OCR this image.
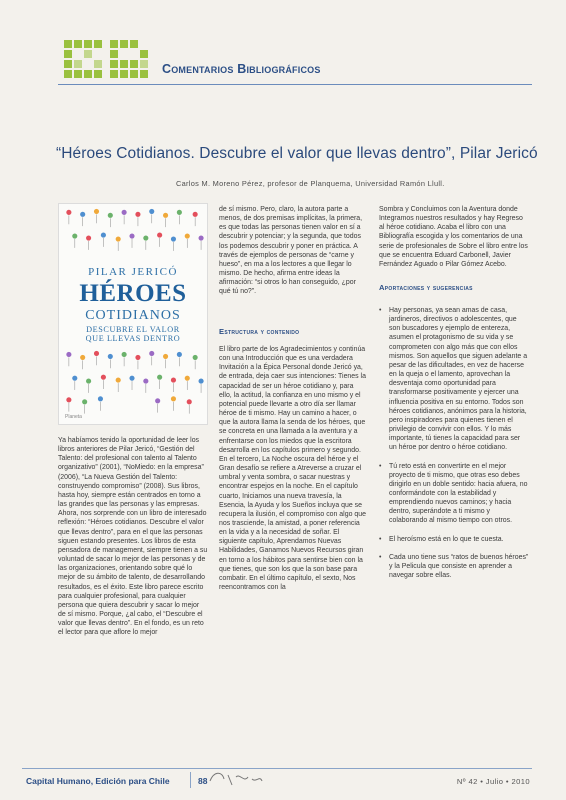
Comentarios Bibliográficos
“Héroes Cotidianos. Descubre el valor que llevas dentro”, Pilar Jericó
Carlos M. Moreno Pérez, profesor de Planquema, Universidad Ramón Llull.
PILAR JERICÓ
HÉROES
COTIDIANOS
DESCUBRE EL VALOR
QUE LLEVAS DENTRO
Planeta

Ya habíamos tenido la oportunidad de leer los libros anteriores de Pilar Jericó, “Gestión del Talento: del profesional con talento al Talento organizativo” (2001), “NoMiedo: en la empresa” (2006), “La Nueva Gestión del Talento: construyendo compromiso” (2008). Sus libros, hasta hoy, siempre están centrados en torno a las grandes que las personas y las empresas. Ahora, nos sorprende con un libro de interesado reflexión: “Héroes cotidianos. Descubre el valor que llevas dentro”, para en el que las personas siguen estando presentes. Los libros de esta pensadora de management, siempre tienen a su voluntad de sacar lo mejor de las personas y de las organizaciones, orientando sobre qué lo mejor de su ámbito de talento, de desarrollando resultados, es el éxito. Este libro parece escrito para cualquier profesional, para cualquier persona que quiera descubrir y sacar lo mejor de sí mismo. Porque, ¿al cabo, el “Descubre el valor que llevas dentro”. En el fondo, es un reto el lector para que aflore lo mejor

de sí mismo. Pero, claro, la autora parte a menos, de dos premisas implícitas, la primera, es que todas las personas tienen valor en sí a descubrir y potenciar; y la segunda, que todos los podemos descubrir y poner en práctica. A través de ejemplos de personas de “carne y hueso”, en ma a los lectores a que llegar lo mismo. De hecho, afirma entre ideas la afirmación: “si otros lo han conseguido, ¿por qué tú no?”.

Estructura y contenido

El libro parte de los Agradecimientos y continúa con una Introducción que es una verdadera Invitación a la Épica Personal donde Jericó ya, de entrada, deja caer sus intenciones: Tienes la capacidad de ser un héroe cotidiano y, para ello, la actitud, la confianza en uno mismo y el potencial puede llevarte a otro día ser llamar héroe de ti mismo. Hay un camino a hacer, o que la autora llama la senda de los héroes, que se concreta en una llamada a la aventura y a enfrentarse con los miedos que la escritora desarrolla en los capítulos primero y segundo. En el tercero, La Noche oscura del héroe y el Gran desafío se refiere a Atreverse a cruzar el umbral y venta sombra, o sacar nuestras y encontrar espejos en la noche. En el capítulo cuarto, Iniciamos una nueva travesía, la Esencia, la Ayuda y los Sueños incluya que se recupera la ilusión, el compromiso con algo que nos trasciende, la amistad, a poner referencia en la vida y a la necesidad de soñar. El siguiente capítulo, Aprendamos Nuevas Habilidades, Ganamos Nuevos Recursos giran en torno a los hábitos para sentirse bien con la que tienes, que son los que la son base para combatir. En el último capítulo, el sexto, Nos reencontramos con la

Sombra y Concluimos con la Aventura donde Integramos nuestros resultados y hay Regreso al héroe cotidiano. Acaba el libro con una Bibliografía escogida y los comentarios de una serie de profesionales de Sobre el libro entre los que se encuentra Eduard Carbonell, Javier Fernández Aguado o Pilar Gómez Acebo.

Aportaciones y sugerencias
• Hay personas, ya sean amas de casa, jardineros, directivos o adolescentes, que son buscadores y ejemplo de entereza, asumen el protagonismo de su vida y se comprometen con algo más que con ellos mismos. Son aquellos que siguen adelante a pesar de las dificultades, en vez de hacerse en la queja o el lamento, aprovechan la desventaja como oportunidad para transformarse positivamente y ejercer una influencia positiva en su entorno. Todos son héroes cotidianos, anónimos para la historia, pero inspiradores para quienes tienen el privilegio de convivir con ellos. Y lo más importante, tú tienes la capacidad para ser un héroe por dentro o héroe cotidiano.
• Tú reto está en convertirte en el mejor proyecto de ti mismo, que otras eso debes dirigirlo en un doble sentido: hacia afuera, no conformándote con la estabilidad y emprendiendo nuevos caminos; y hacia dentro, superándote a ti mismo y colaborando al mismo tiempo con otros.
• El heroísmo está en lo que te cuesta.
• Cada uno tiene sus “ratos de buenos héroes” y la Pelicula que consiste en aprender a navegar sobre ellas.
Capital Humano, Edición para Chile	88	Nº 42 • Julio • 2010
